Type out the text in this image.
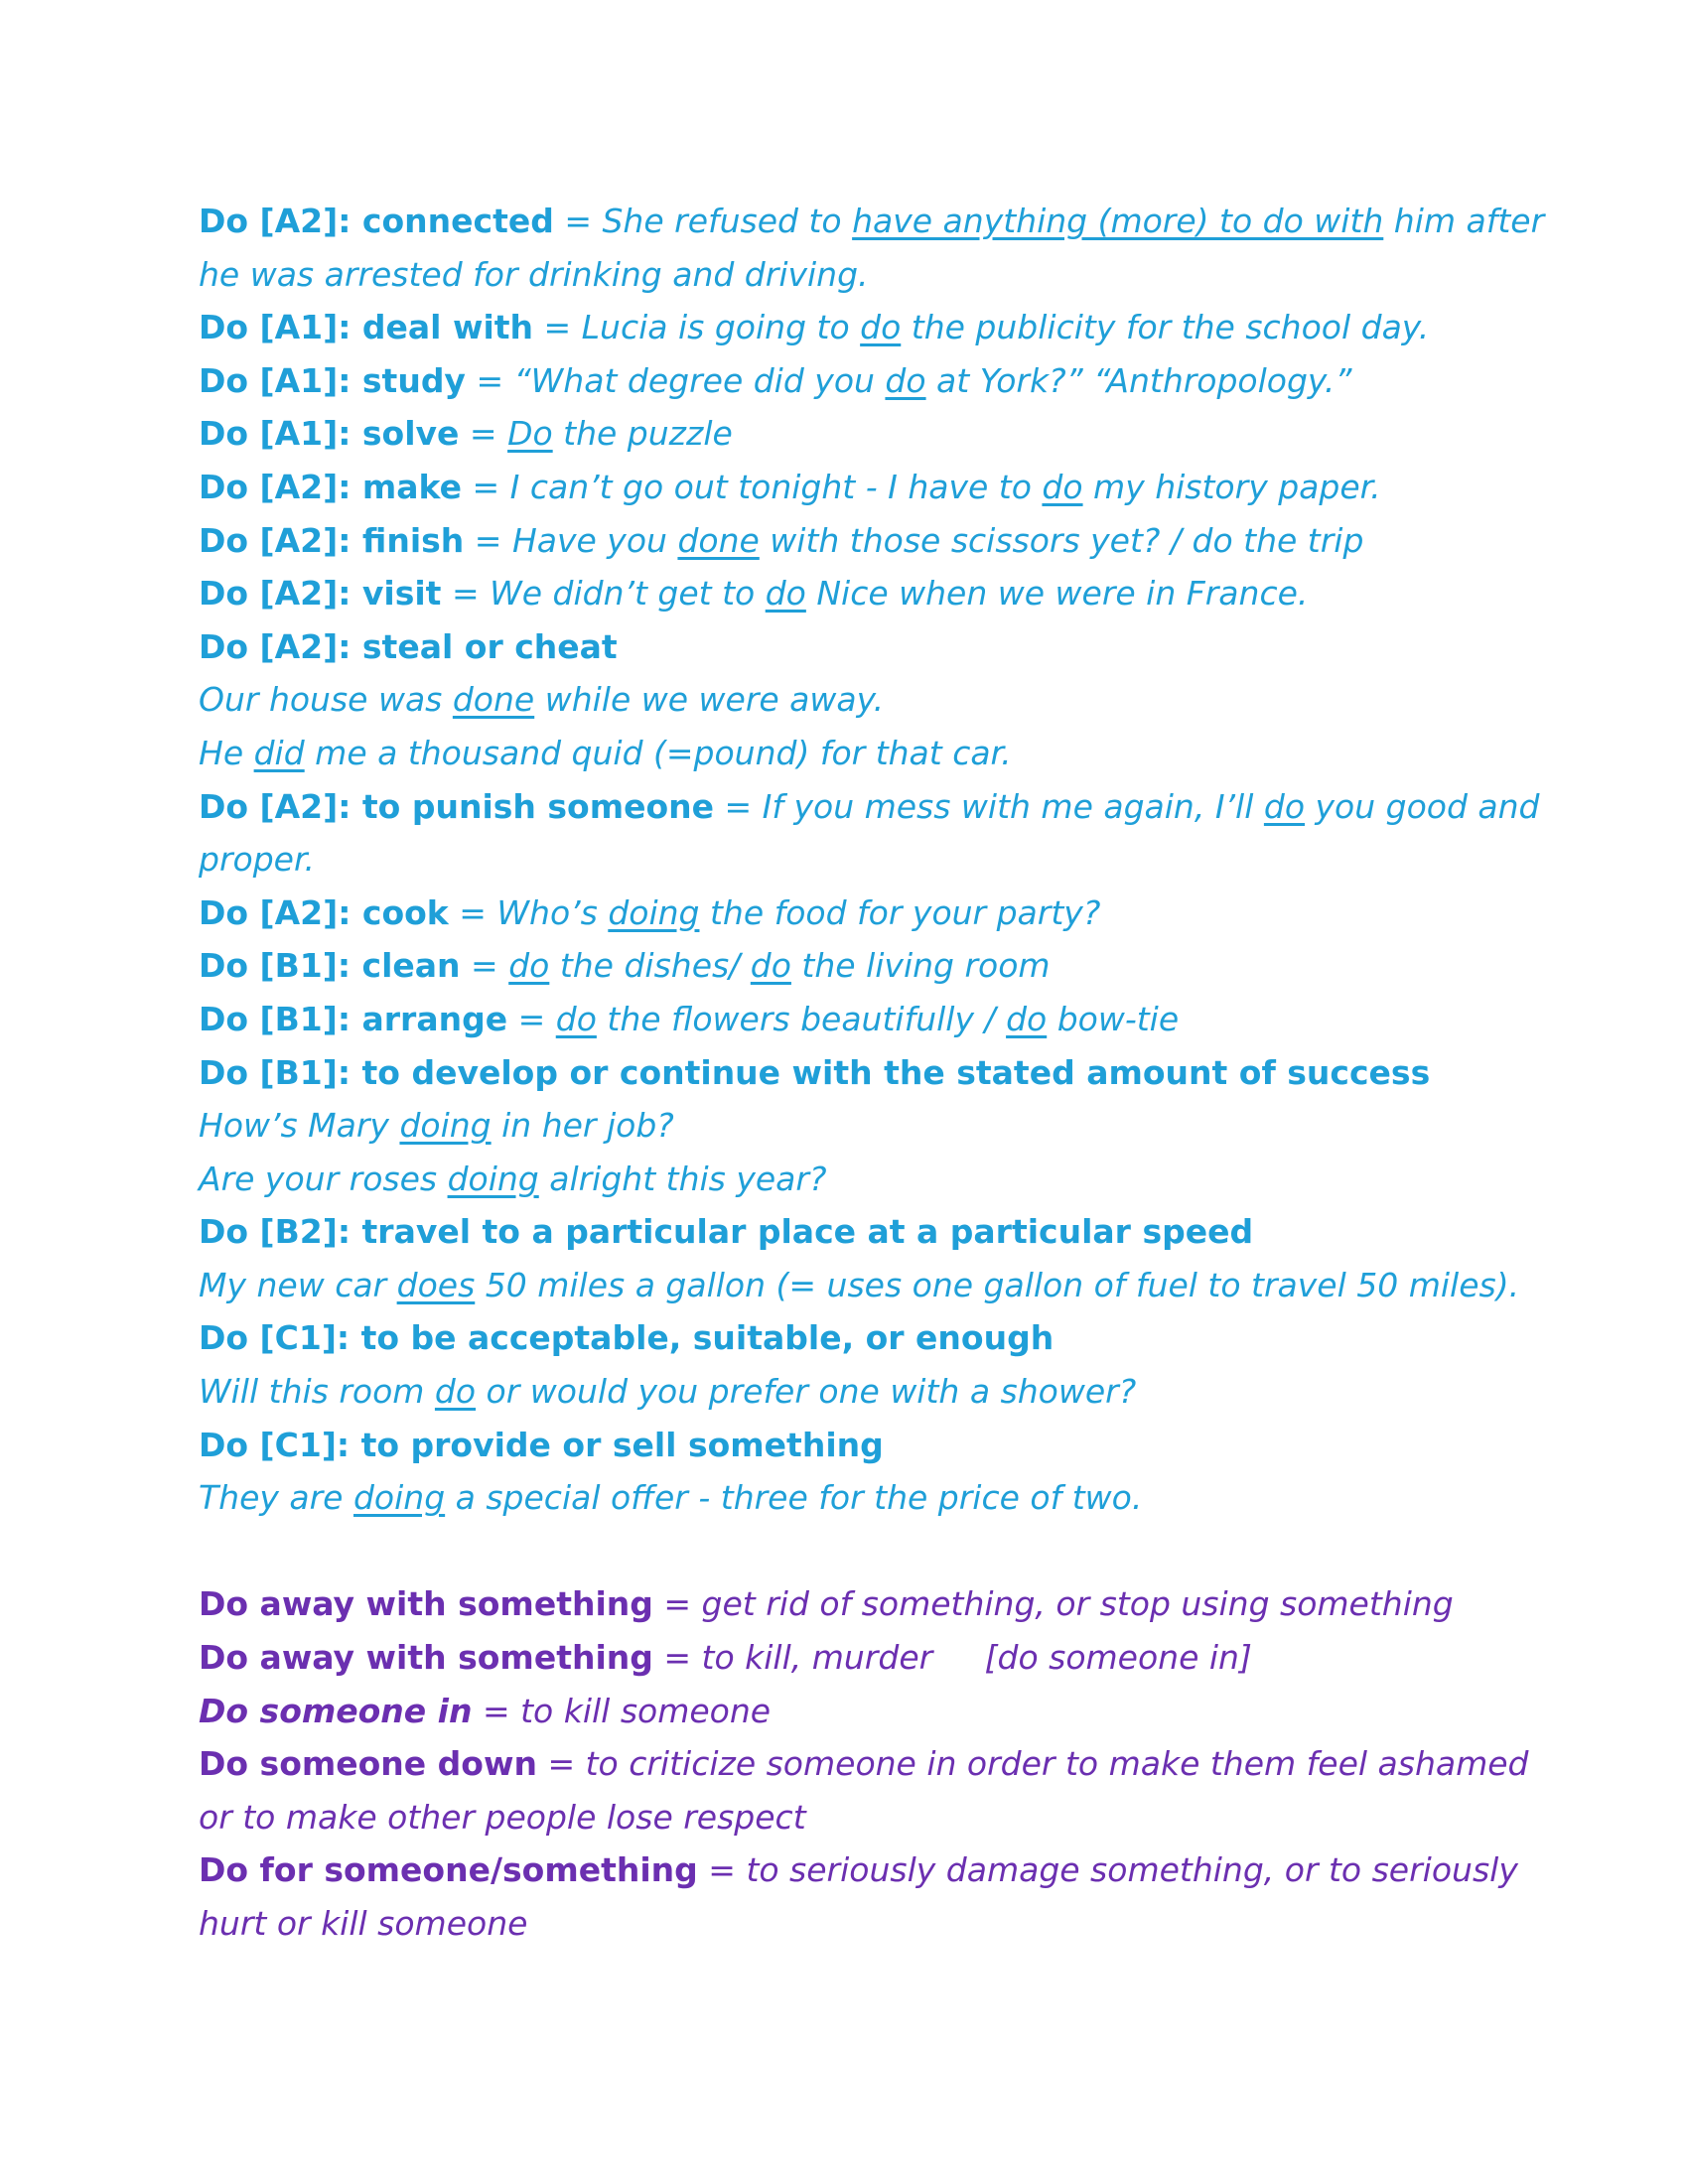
Do [A2]: connected = She refused to have anything (more) to do with him after
he was arrested for drinking and driving.
Do [A1]: deal with = Lucia is going to do the publicity for the school day.
Do [A1]: study = “What degree did you do at York?” “Anthropology.”
Do [A1]: solve = Do the puzzle
Do [A2]: make = I can’t go out tonight - I have to do my history paper.
Do [A2]: finish = Have you done with those scissors yet? / do the trip
Do [A2]: visit = We didn’t get to do Nice when we were in France.
Do [A2]: steal or cheat
Our house was done while we were away.
He did me a thousand quid (=pound) for that car.
Do [A2]: to punish someone = If you mess with me again, I’ll do you good and
proper.
Do [A2]: cook = Who’s doing the food for your party?
Do [B1]: clean = do the dishes/ do the living room
Do [B1]: arrange = do the flowers beautifully / do bow-tie
Do [B1]: to develop or continue with the stated amount of success
How’s Mary doing in her job?
Are your roses doing alright this year?
Do [B2]: travel to a particular place at a particular speed
My new car does 50 miles a gallon (= uses one gallon of fuel to travel 50 miles).
Do [C1]: to be acceptable, suitable, or enough
Will this room do or would you prefer one with a shower?
Do [C1]: to provide or sell something
They are doing a special offer - three for the price of two.
Do away with something = get rid of something, or stop using something
Do away with something = to kill, murder     [do someone in]
Do someone in = to kill someone
Do someone down = to criticize someone in order to make them feel ashamed
or to make other people lose respect
Do for someone/something = to seriously damage something, or to seriously
hurt or kill someone
